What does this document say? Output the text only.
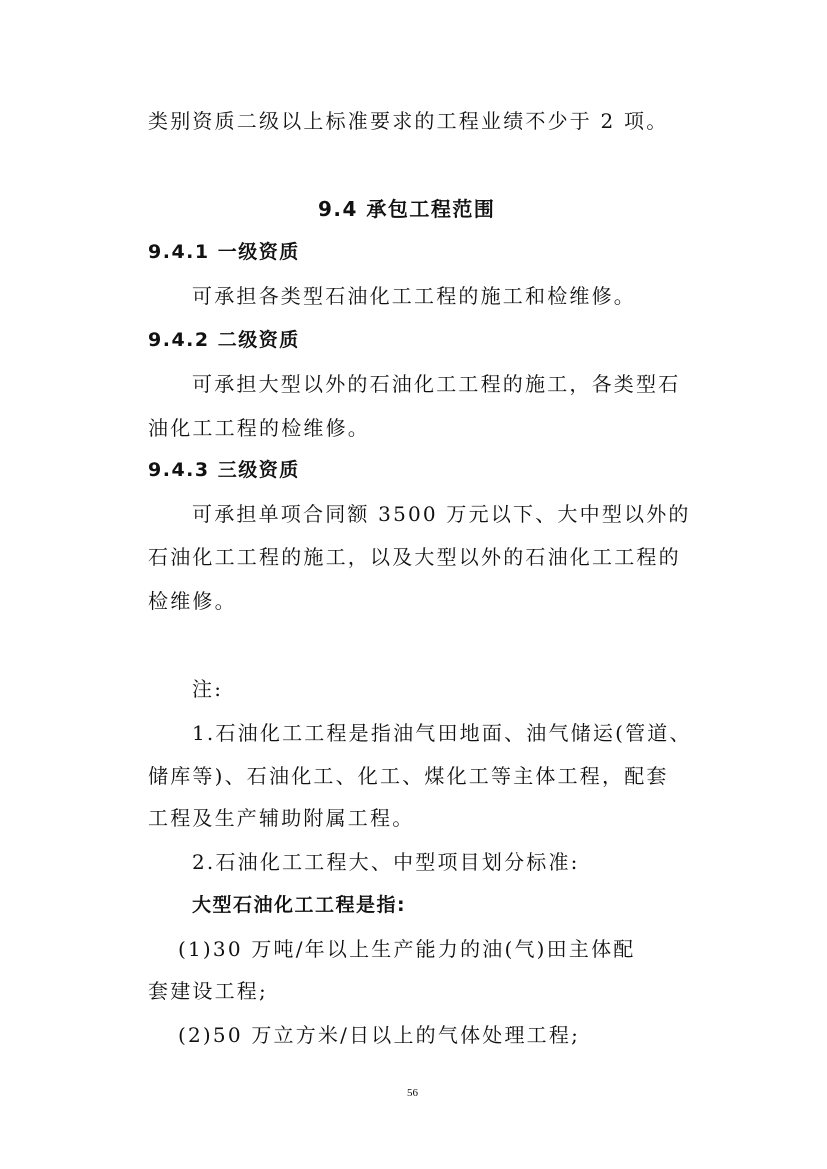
类别资质二级以上标准要求的工程业绩不少于 2 项。
9.4 承包工程范围
9.4.1 一级资质
可承担各类型石油化工工程的施工和检维修。
9.4.2 二级资质
可承担大型以外的石油化工工程的施工，各类型石
油化工工程的检维修。
9.4.3 三级资质
可承担单项合同额 3500 万元以下、大中型以外的
石油化工工程的施工，以及大型以外的石油化工工程的
检维修。
注:
1.石油化工工程是指油气田地面、油气储运(管道、
储库等)、石油化工、化工、煤化工等主体工程，配套
工程及生产辅助附属工程。
2.石油化工工程大、中型项目划分标准:
大型石油化工工程是指:
(1)30 万吨/年以上生产能力的油(气)田主体配
套建设工程;
(2)50 万立方米/日以上的气体处理工程;
56
